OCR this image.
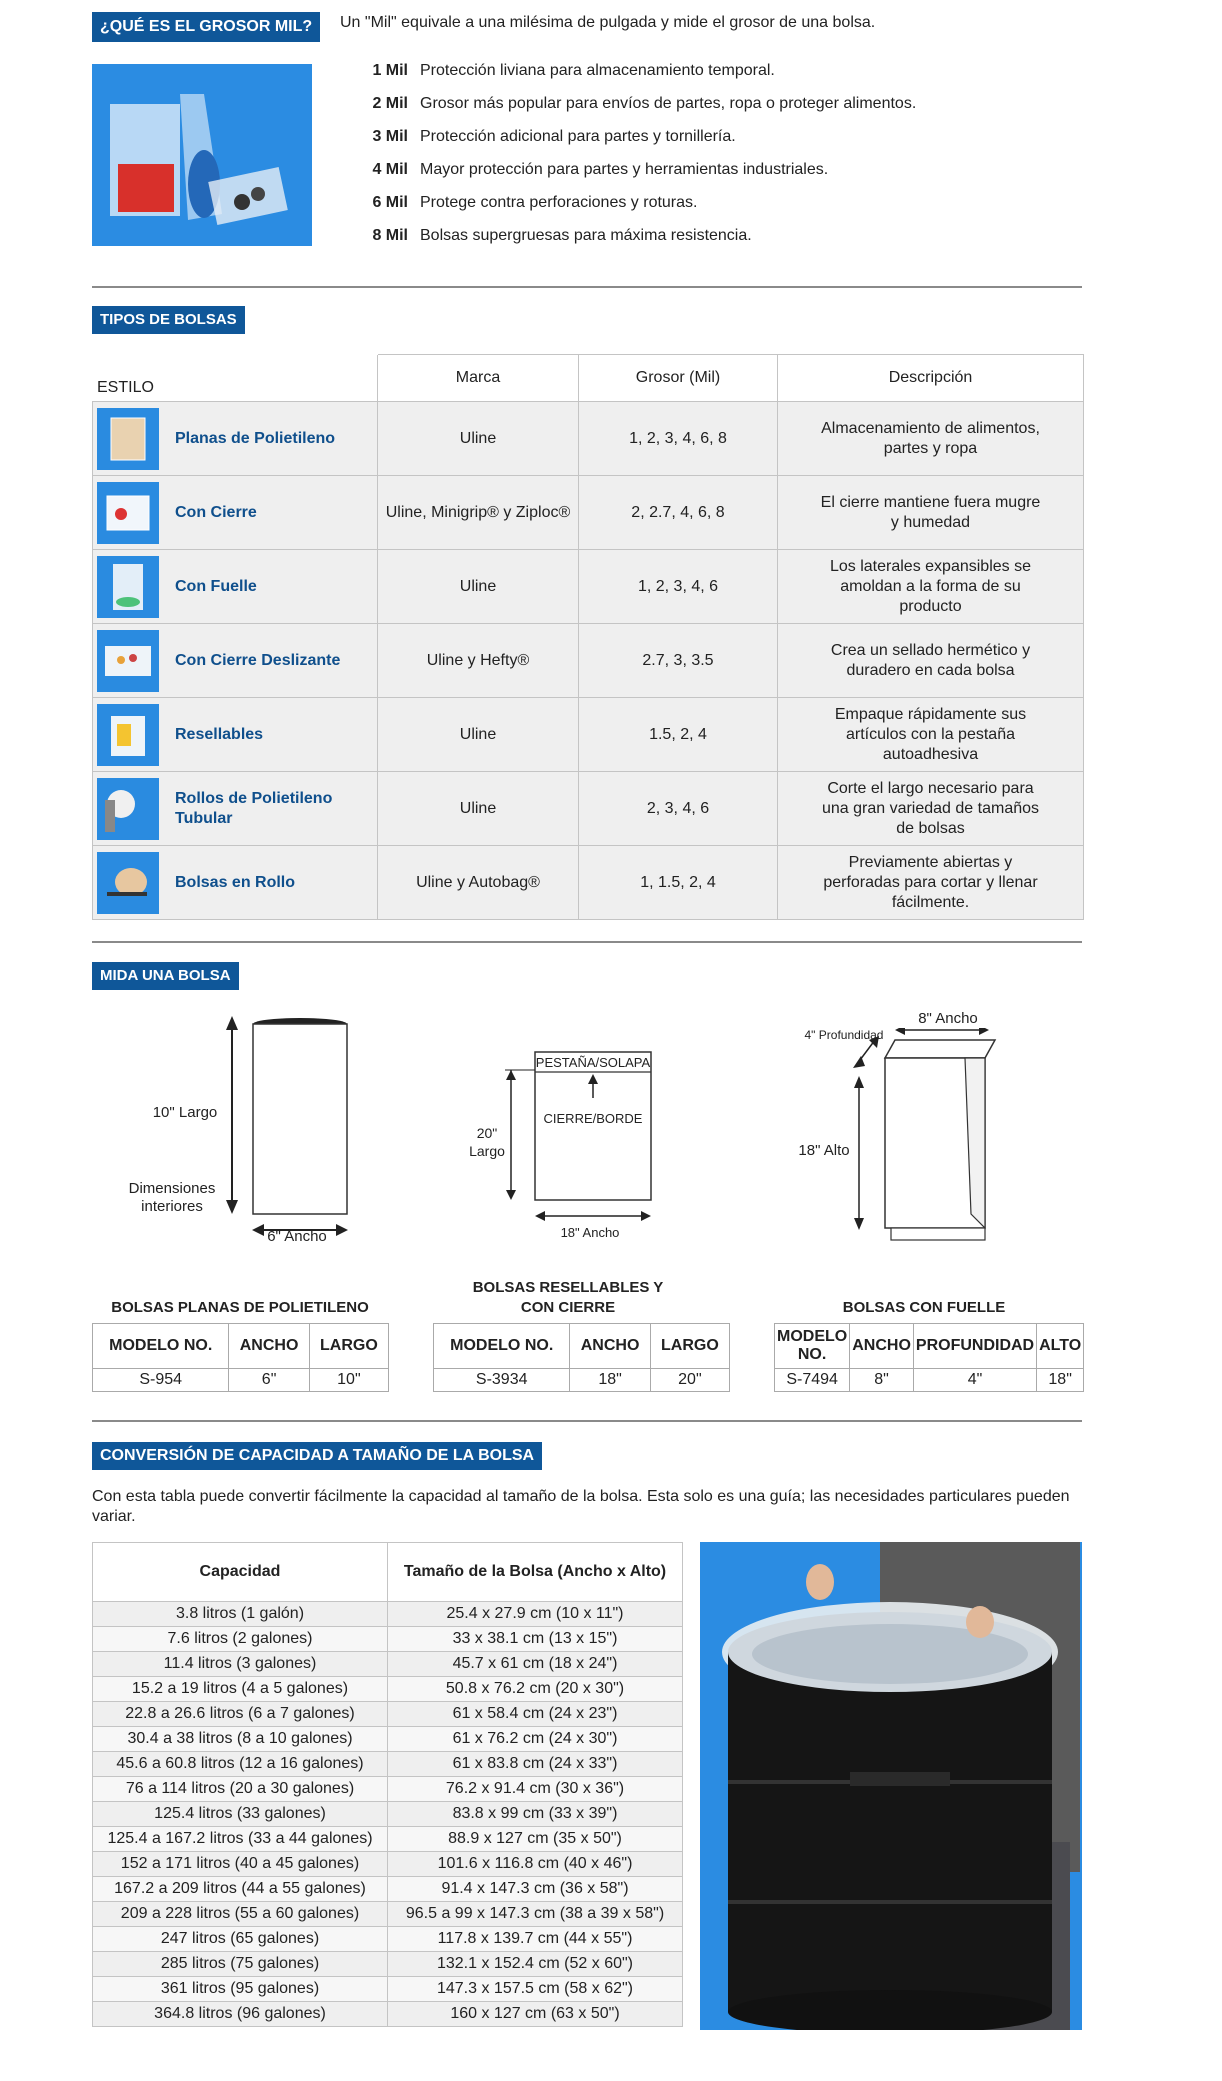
¿QUÉ ES EL GROSOR MIL?	Un "Mil" equivale a una milésima de pulgada y mide el grosor de una bolsa.
1 Mil Protección liviana para almacenamiento temporal.
2 Mil Grosor más popular para envíos de partes, ropa o proteger alimentos.
3 Mil Protección adicional para partes y tornillería.
4 Mil Mayor protección para partes y herramientas industriales.
6 Mil Protege contra perforaciones y roturas.
8 Mil Bolsas supergruesas para máxima resistencia.
TIPOS DE BOLSAS
ESTILO	Marca	Grosor (Mil)	Descripción

Planas de Polietileno	Uline	1, 2, 3, 4, 6, 8	Almacenamiento de alimentos, partes y ropa

Con Cierre	Uline, Minigrip® y Ziploc®	2, 2.7, 4, 6, 8	El cierre mantiene fuera mugre y humedad

Con Fuelle	Uline	1, 2, 3, 4, 6	Los laterales expansibles se amoldan a la forma de su producto

Con Cierre Deslizante	Uline y Hefty®	2.7, 3, 3.5	Crea un sellado hermético y duradero en cada bolsa

Resellables	Uline	1.5, 2, 4	Empaque rápidamente sus artículos con la pestaña autoadhesiva

Rollos de Polietileno Tubular	Uline	2, 3, 4, 6	Corte el largo necesario para una gran variedad de tamaños de bolsas

Bolsas en Rollo	Uline y Autobag®	1, 1.5, 2, 4	Previamente abiertas y perforadas para cortar y llenar fácilmente.
MIDA UNA BOLSA
10" Largo
Dimensiones interiores
6" Ancho
PESTAÑA/SOLAPA
CIERRE/BORDE
20" Largo
18" Ancho
8" Ancho
4" Profundidad
18" Alto
BOLSAS PLANAS DE POLIETILENO
BOLSAS RESELLABLES Y CON CIERRE	BOLSAS CON FUELLE
MODELO NO.	ANCHO	LARGO
S-954	6"	10"
MODELO NO.	ANCHO	LARGO
S-3934	18"	20"
MODELO NO.	ANCHO	PROFUNDIDAD	ALTO
S-7494	8"	4"	18"
CONVERSIÓN DE CAPACIDAD A TAMAÑO DE LA BOLSA
Con esta tabla puede convertir fácilmente la capacidad al tamaño de la bolsa. Esta solo es una guía; las necesidades particulares pueden variar.
Capacidad	Tamaño de la Bolsa (Ancho x Alto)
3.8 litros (1 galón)	25.4 x 27.9 cm (10 x 11")
7.6 litros (2 galones)	33 x 38.1 cm (13 x 15")
11.4 litros (3 galones)	45.7 x 61 cm (18 x 24")
15.2 a 19 litros (4 a 5 galones)	50.8 x 76.2 cm (20 x 30")
22.8 a 26.6 litros (6 a 7 galones)	61 x 58.4 cm (24 x 23")
30.4 a 38 litros (8 a 10 galones)	61 x 76.2 cm (24 x 30")
45.6 a 60.8 litros (12 a 16 galones)	61 x 83.8 cm (24 x 33")
76 a 114 litros (20 a 30 galones)	76.2 x 91.4 cm (30 x 36")
125.4 litros (33 galones)	83.8 x 99 cm (33 x 39")
125.4 a 167.2 litros (33 a 44 galones)	88.9 x 127 cm (35 x 50")
152 a 171 litros (40 a 45 galones)	101.6 x 116.8 cm (40 x 46")
167.2 a 209 litros (44 a 55 galones)	91.4 x 147.3 cm (36 x 58")
209 a 228 litros (55 a 60 galones)	96.5 a 99 x 147.3 cm (38 a 39 x 58")
247 litros (65 galones)	117.8 x 139.7 cm (44 x 55")
285 litros (75 galones)	132.1 x 152.4 cm (52 x 60")
361 litros (95 galones)	147.3 x 157.5 cm (58 x 62")
364.8 litros (96 galones)	160 x 127 cm (63 x 50")
